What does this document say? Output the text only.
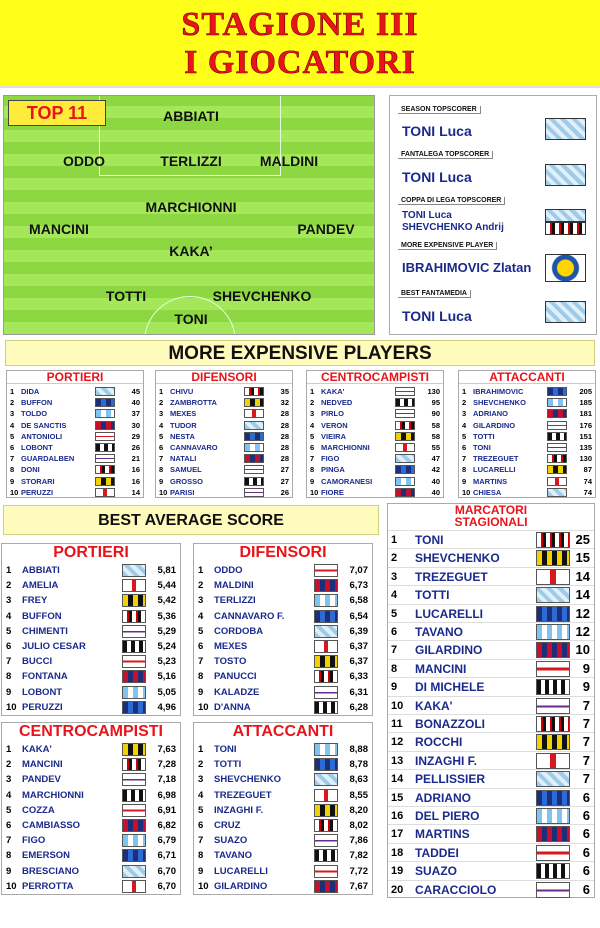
STAGIONE III
I GIOCATORI
TOP 11	ABBIATI
ODDO	TERLIZZI	MALDINI
MARCHIONNI
MANCINI	PANDEV
KAKA’
TOTTI	SHEVCHENKO
TONI
SEASON TOPSCORER
TONI Luca
FANTALEGA TOPSCORER
TONI Luca
COPPA DI LEGA TOPSCORER
TONI Luca
SHEVCHENKO Andrij
MORE EXPENSIVE PLAYER
IBRAHIMOVIC Zlatan
BEST FANTAMEDIA
TONI Luca
MORE EXPENSIVE PLAYERS
PORTIERI
1 DIDA	45
2 BUFFON	40
3 TOLDO	37
4 DE SANCTIS	30
5 ANTONIOLI	29
6 LOBONT	26
7 GUARDALBEN	21
8 DONI	16
9 STORARI	16
10 PERUZZI	14
DIFENSORI
1 CHIVU	35
2 ZAMBROTTA	32
3 MEXES	28
4 TUDOR	28
5 NESTA	28
6 CANNAVARO	28
7 NATALI	28
8 SAMUEL	27
9 GROSSO	27
10 PARISI	26
CENTROCAMPISTI
1 KAKA'	130
2 NEDVED	95
3 PIRLO	90
4 VERON	58
5 VIEIRA	58
6 MARCHIONNI	55
7 FIGO	47
8 PINGA	42
9 CAMORANESI	40
10 FIORE	40
ATTACCANTI
1 IBRAHIMOVIC	205
2 SHEVCHENKO	185
3 ADRIANO	181
4 GILARDINO	176
5 TOTTI	151
6 TONI	135
7 TREZEGUET	130
8 LUCARELLI	87
9 MARTINS	74
10 CHIESA	74
BEST AVERAGE SCORE
PORTIERI
1 ABBIATI	5,81
2 AMELIA	5,44
3 FREY	5,42
4 BUFFON	5,36
5 CHIMENTI	5,29
6 JULIO CESAR	5,24
7 BUCCI	5,23
8 FONTANA	5,16
9 LOBONT	5,05
10 PERUZZI	4,96
DIFENSORI
1 ODDO	7,07
2 MALDINI	6,73
3 TERLIZZI	6,58
4 CANNAVARO F.	6,54
5 CORDOBA	6,39
6 MEXES	6,37
7 TOSTO	6,37
8 PANUCCI	6,33
9 KALADZE	6,31
10 D'ANNA	6,28
CENTROCAMPISTI
1 KAKA'	7,63
2 MANCINI	7,28
3 PANDEV	7,18
4 MARCHIONNI	6,98
5 COZZA	6,91
6 CAMBIASSO	6,82
7 FIGO	6,79
8 EMERSON	6,71
9 BRESCIANO	6,70
10 PERROTTA	6,70
ATTACCANTI
1 TONI	8,88
2 TOTTI	8,78
3 SHEVCHENKO	8,63
4 TREZEGUET	8,55
5 INZAGHI F.	8,20
6 CRUZ	8,02
7 SUAZO	7,86
8 TAVANO	7,82
9 LUCARELLI	7,72
10 GILARDINO	7,67
MARCATORI
STAGIONALI
1 TONI	25
2 SHEVCHENKO	15
3 TREZEGUET	14
4 TOTTI	14
5 LUCARELLI	12
6 TAVANO	12
7 GILARDINO	10
8 MANCINI	9
9 DI MICHELE	9
10 KAKA'	7
11 BONAZZOLI	7
12 ROCCHI	7
13 INZAGHI F.	7
14 PELLISSIER	7
15 ADRIANO	6
16 DEL PIERO	6
17 MARTINS	6
18 TADDEI	6
19 SUAZO	6
20 CARACCIOLO	6
